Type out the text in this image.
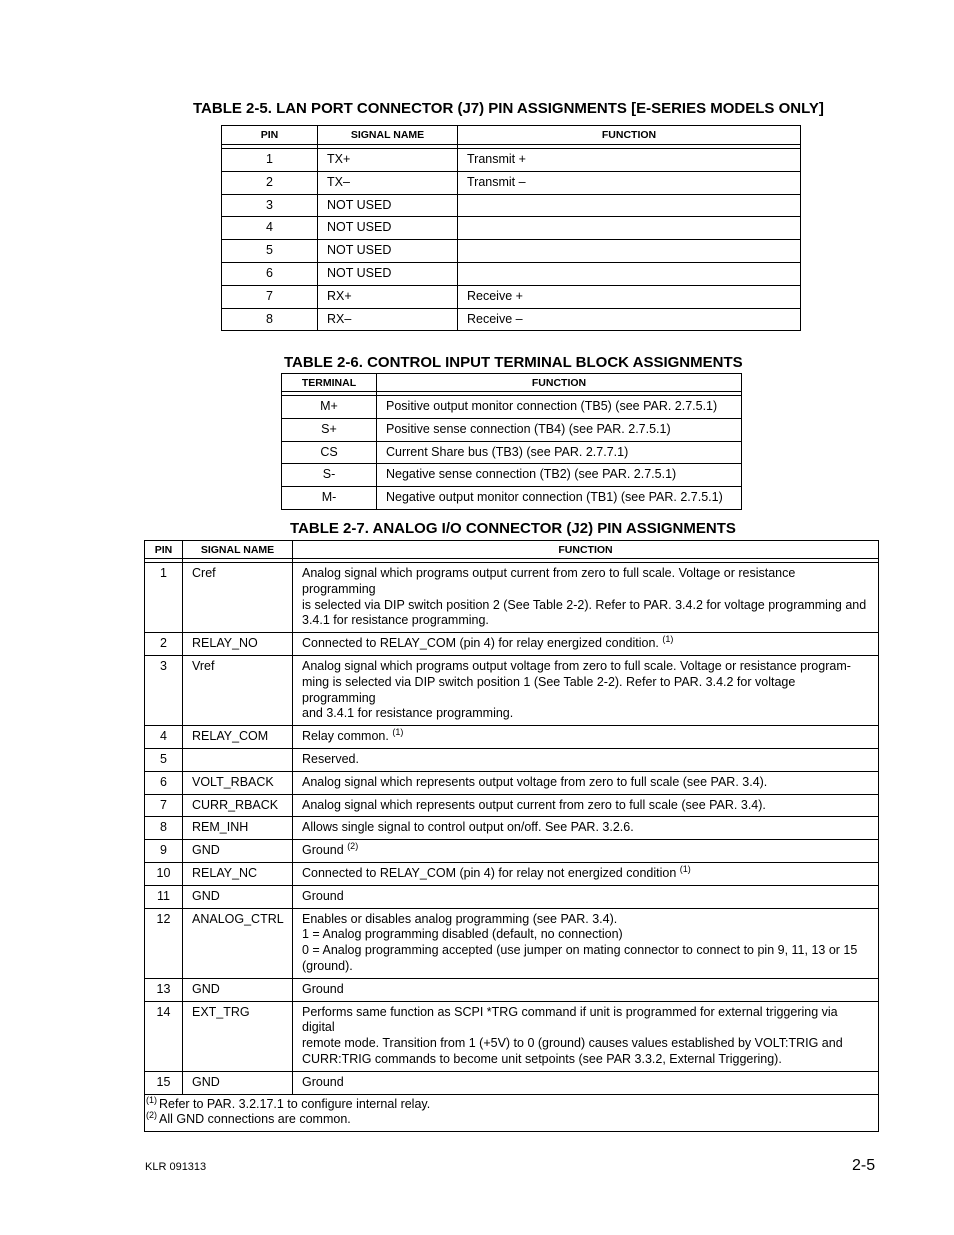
TABLE 2-5. LAN PORT CONNECTOR (J7) PIN ASSIGNMENTS [E-SERIES MODELS ONLY]
PIN	SIGNAL NAME	FUNCTION

1	TX+	Transmit +

2	TX–	Transmit –

3	NOT USED	

4	NOT USED	

5	NOT USED	

6	NOT USED	

7	RX+	Receive +

8	RX–	Receive –
TABLE 2-6. CONTROL INPUT TERMINAL BLOCK ASSIGNMENTS
TERMINAL	FUNCTION

M+	Positive output monitor connection (TB5) (see PAR. 2.7.5.1)

S+	Positive sense connection (TB4) (see PAR. 2.7.5.1)

CS	Current Share bus (TB3) (see PAR. 2.7.7.1)

S-	Negative sense connection (TB2) (see PAR. 2.7.5.1)

M-	Negative output monitor connection (TB1) (see PAR. 2.7.5.1)
TABLE 2-7. ANALOG I/O CONNECTOR (J2) PIN ASSIGNMENTS
PIN	SIGNAL NAME	FUNCTION

1	Cref	Analog signal which programs output current from zero to full scale. Voltage or resistance programming
is selected via DIP switch position 2 (See Table 2-2). Refer to PAR. 3.4.2 for voltage programming and
3.4.1 for resistance programming.

2	RELAY_NO	Connected to RELAY_COM (pin 4) for relay energized condition. $^{(1)}$

3	Vref	Analog signal which programs output voltage from zero to full scale. Voltage or resistance program-
ming is selected via DIP switch position 1 (See Table 2-2). Refer to PAR. 3.4.2 for voltage programming
and 3.4.1 for resistance programming.

4	RELAY_COM	Relay common. $^{(1)}$

5		Reserved.

6	VOLT_RBACK	Analog signal which represents output voltage from zero to full scale (see PAR. 3.4).

7	CURR_RBACK	Analog signal which represents output current from zero to full scale (see PAR. 3.4).

8	REM_INH	Allows single signal to control output on/off. See PAR. 3.2.6.

9	GND	Ground $^{(2)}$

10	RELAY_NC	Connected to RELAY_COM (pin 4) for relay not energized condition $^{(1)}$

11	GND	Ground

12	ANALOG_CTRL	Enables or disables analog programming (see PAR. 3.4).
1 = Analog programming disabled (default, no connection)
0 = Analog programming accepted (use jumper on mating connector to connect to pin 9, 11, 13 or 15
(ground).

13	GND	Ground

14	EXT_TRG	Performs same function as SCPI *TRG command if unit is programmed for external triggering via digital
remote mode. Transition from 1 (+5V) to 0 (ground) causes values established by VOLT:TRIG and
CURR:TRIG commands to become unit setpoints (see PAR 3.3.2, External Triggering).

15	GND	Ground

$^{(1)}$ Refer to PAR. 3.2.17.1 to configure internal relay.
$^{(2)}$ All GND connections are common.		
KLR 091313	2-5
